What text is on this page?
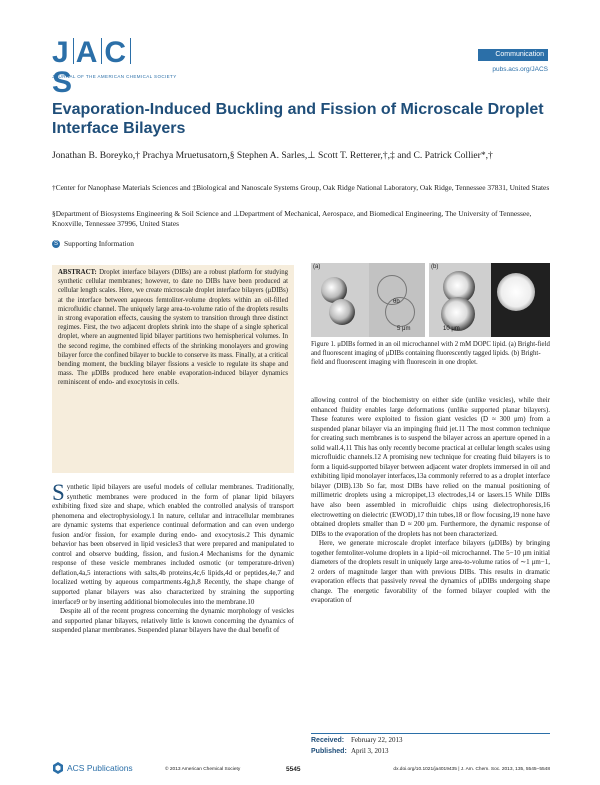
J A CS
JOURNAL OF THE AMERICAN CHEMICAL SOCIETY
Communication
pubs.acs.org/JACS
Evaporation-Induced Buckling and Fission of Microscale Droplet Interface Bilayers
Jonathan B. Boreyko,† Prachya Mruetusatorn,§ Stephen A. Sarles,⊥ Scott T. Retterer,†,‡ and C. Patrick Collier*,†
†Center for Nanophase Materials Sciences and ‡Biological and Nanoscale Systems Group, Oak Ridge National Laboratory, Oak Ridge, Tennessee 37831, United States
§Department of Biosystems Engineering & Soil Science and ⊥Department of Mechanical, Aerospace, and Biomedical Engineering, The University of Tennessee, Knoxville, Tennessee 37996, United States
S Supporting Information
ABSTRACT: Droplet interface bilayers (DIBs) are a robust platform for studying synthetic cellular membranes; however, to date no DIBs have been produced at cellular length scales. Here, we create microscale droplet interface bilayers (μDIBs) at the interface between aqueous femtoliter-volume droplets within an oil-filled microfluidic channel. The uniquely large area-to-volume ratio of the droplets results in strong evaporation effects, causing the system to transition through three distinct regimes. First, the two adjacent droplets shrink into the shape of a single spherical droplet, where an augmented lipid bilayer partitions two hemispherical volumes. In the second regime, the combined effects of the shrinking monolayers and growing bilayer force the confined bilayer to buckle to conserve its mass. Finally, at a critical bending moment, the buckling bilayer fissions a vesicle to regulate its shape and mass. The μDIBs produced here enable evaporation-induced bilayer dynamics reminiscent of endo- and exocytosis in cells.
(a)
θb
5 μm
(b)
10 μm
Figure 1. μDIBs formed in an oil microchannel with 2 mM DOPC lipid. (a) Bright-field and fluorescent imaging of μDIBs containing fluorescently tagged lipids. (b) Bright-field and fluorescent imaging with fluorescein in one droplet.

Synthetic lipid bilayers are useful models of cellular membranes. Traditionally, synthetic membranes were produced in the form of planar lipid bilayers exhibiting fixed size and shape, which enabled the controlled analysis of transport phenomena and electrophysiology.1 In nature, cellular and intracellular membranes are dynamic systems that experience continual deformation and can even undergo fusion and/or fission, for example during endo- and exocytosis.2 This dynamic behavior has been observed in lipid vesicles3 that were prepared and manipulated to control and observe budding, fission, and fusion.4 Mechanisms for the dynamic response of these vesicle membranes included osmotic (or temperature-driven) deflation,4a,5 interactions with salts,4b proteins,4c,6 lipids,4d or peptides,4e,7 and localized wetting by aqueous compartments.4g,h,8 Recently, the shape change of supported planar bilayers was also characterized by straining the supporting interface9 or by inserting additional biomolecules into the membrane.10

Despite all of the recent progress concerning the dynamic morphology of vesicles and supported planar bilayers, relatively little is known concerning the dynamics of suspended planar membranes. Suspended planar bilayers have the dual benefit of

allowing control of the biochemistry on either side (unlike vesicles), while their enhanced fluidity enables large deformations (unlike supported planar bilayers). These features were exploited to fission giant vesicles (D ≈ 300 μm) from a suspended planar bilayer via an impinging fluid jet.11 The most common technique for creating such membranes is to suspend the bilayer across an aperture opened in a solid wall.4,11 This has only recently become practical at cellular length scales using microfluidic channels.12 A promising new technique for creating fluid bilayers is to form a liquid-supported bilayer between adjacent water droplets immersed in oil and exhibiting lipid monolayer interfaces,13a commonly referred to as a droplet interface bilayer (DIB).13b So far, most DIBs have relied on the manual positioning of millimetric droplets using a micropipet,13 electrodes,14 or lasers.15 While DIBs have also been assembled in microfluidic chips using dielectrophoresis,16 electrowetting on dielectric (EWOD),17 thin tubes,18 or flow focusing,19 none have obtained droplets smaller than D ≈ 200 μm. Furthermore, the dynamic response of DIBs to the evaporation of the droplets has not been characterized.

Here, we generate microscale droplet interface bilayers (μDIBs) by bringing together femtoliter-volume droplets in a lipid−oil microchannel. The 5−10 μm initial diameters of the droplets result in uniquely large area-to-volume ratios of ∼1 μm−1, 2 orders of magnitude larger than with previous DIBs. This results in dramatic evaporation effects that passively reveal the dynamics of μDIBs undergoing shape change. The energetic favorability of the formed bilayer coupled with the evaporation of

Received: February 22, 2013
Published: April 3, 2013
ACS Publications	© 2013 American Chemical Society	5545	dx.doi.org/10.1021/ja4019435 | J. Am. Chem. Soc. 2013, 135, 5545−5548
